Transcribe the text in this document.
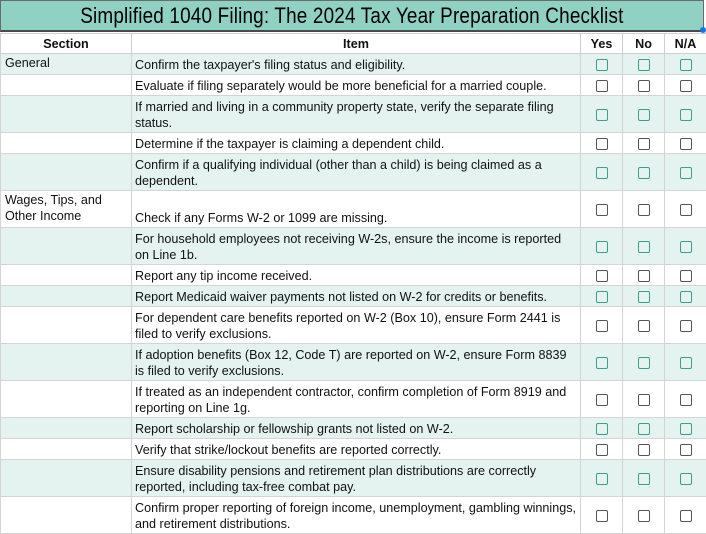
Simplified 1040 Filing: The 2024 Tax Year Preparation Checklist
Section	Item	Yes	No	N/A
General	Confirm the taxpayer's filing status and eligibility.			
	Evaluate if filing separately would be more beneficial for a married couple.			
	If married and living in a community property state, verify the separate filing status.			
	Determine if the taxpayer is claiming a dependent child.			
	Confirm if a qualifying individual (other than a child) is being claimed as a dependent.			
Wages, Tips, and Other Income	Check if any Forms W-2 or 1099 are missing.			
	For household employees not receiving W-2s, ensure the income is reported on Line 1b.			
	Report any tip income received.			
	Report Medicaid waiver payments not listed on W-2 for credits or benefits.			
	For dependent care benefits reported on W-2 (Box 10), ensure Form 2441 is filed to verify exclusions.			
	If adoption benefits (Box 12, Code T) are reported on W-2, ensure Form 8839 is filed to verify exclusions.			
	If treated as an independent contractor, confirm completion of Form 8919 and reporting on Line 1g.			
	Report scholarship or fellowship grants not listed on W-2.			
	Verify that strike/lockout benefits are reported correctly.			
	Ensure disability pensions and retirement plan distributions are correctly reported, including tax-free combat pay.			
	Confirm proper reporting of foreign income, unemployment, gambling winnings, and retirement distributions.			
